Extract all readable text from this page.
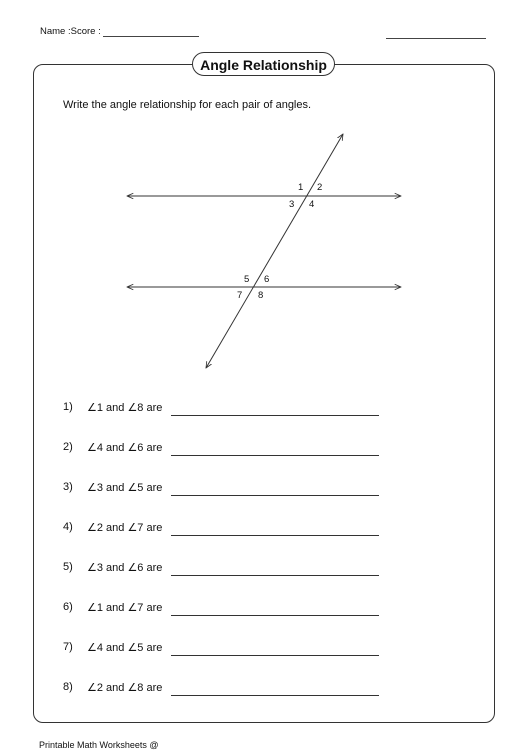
Name :Score :
Angle Relationship
Write the angle relationship for each pair of angles.
1 2
3 4
5 6
7 8
1)	∠1 and ∠8 are
2)	∠4 and ∠6 are
3)	∠3 and ∠5 are
4)	∠2 and ∠7 are
5)	∠3 and ∠6 are
6)	∠1 and ∠7 are
7)	∠4 and ∠5 are
8)	∠2 and ∠8 are
Printable Math Worksheets @
